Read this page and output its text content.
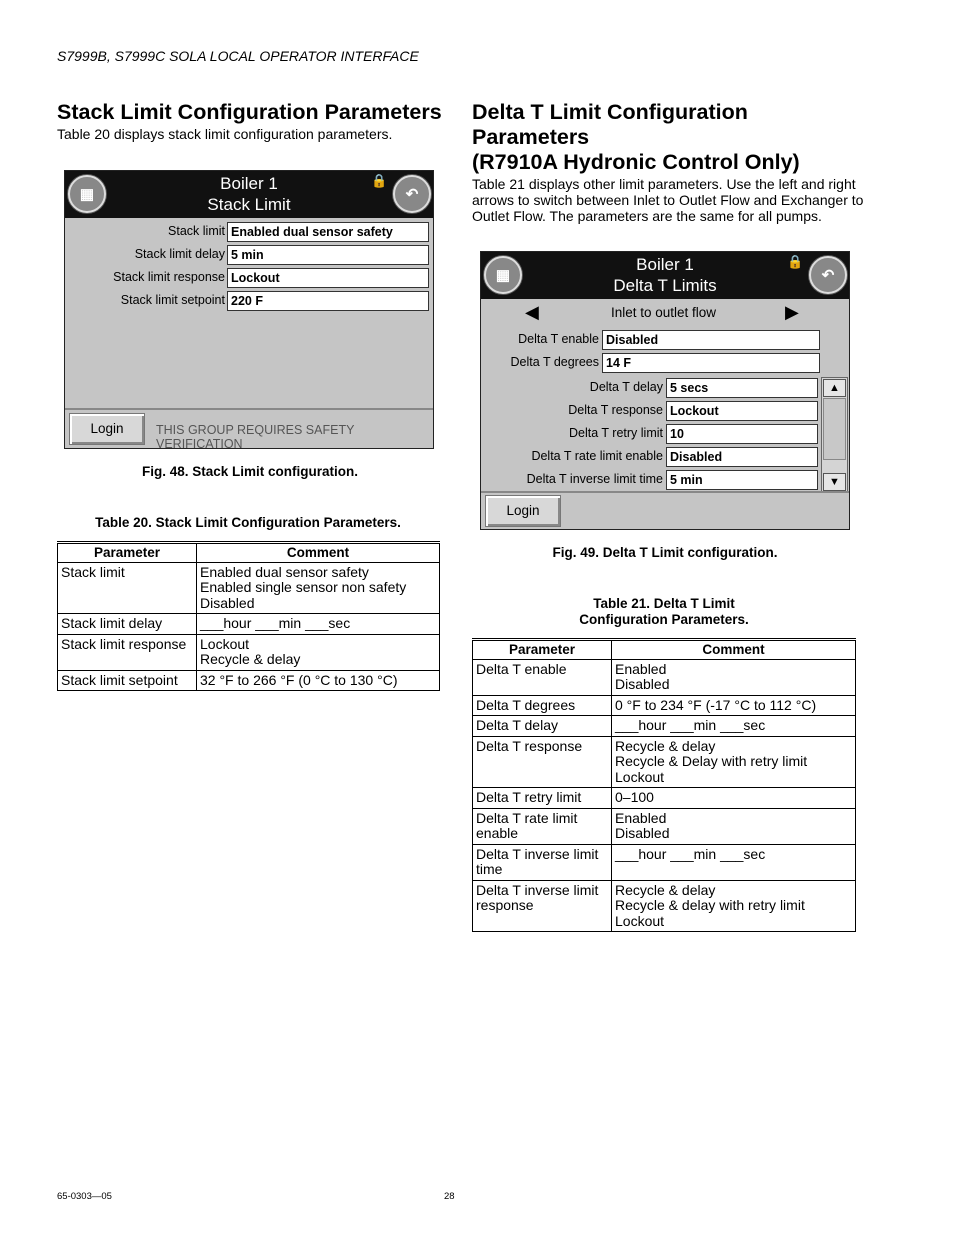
S7999B, S7999C SOLA LOCAL OPERATOR INTERFACE
Stack Limit Configuration Parameters
Table 20 displays stack limit configuration parameters.
Boiler 1
Stack Limit
▦
🔒
↶
Stack limit Enabled dual sensor safety
Stack limit delay 5 min
Stack limit response Lockout
Stack limit setpoint 220 F
Login	THIS GROUP REQUIRES SAFETY VERIFICATION
Fig. 48. Stack Limit configuration.
Table 20. Stack Limit Configuration Parameters.
Parameter	Comment
Stack limit	Enabled dual sensor safety
Enabled single sensor non safety
Disabled

Stack limit delay	___hour ___min ___sec

Stack limit response	Lockout
Recycle & delay

Stack limit setpoint	32 °F to 266 °F (0 °C to 130 °C)
Delta T Limit Configuration
Parameters
(R7910A Hydronic Control Only)
Table 21 displays other limit parameters. Use the left and right
arrows to switch between Inlet to Outlet Flow and Exchanger to
Outlet Flow. The parameters are the same for all pumps.
Boiler 1
Delta T Limits
▦
🔒
↶
◀	Inlet to outlet flow	▶
Delta T enable Disabled
Delta T degrees 14 F
Delta T delay 5 secs
Delta T response Lockout
Delta T retry limit 10
Delta T rate limit enable Disabled
Delta T inverse limit time 5 min
▲
▼
Login
Fig. 49. Delta T Limit configuration.
Table 21. Delta T Limit
Configuration Parameters.
Parameter	Comment
Delta T enable	Enabled
Disabled

Delta T degrees	0 °F to 234 °F (-17 °C to 112 °C)

Delta T delay	___hour ___min ___sec

Delta T response	Recycle & delay
Recycle & Delay with retry limit
Lockout

Delta T retry limit	0–100

Delta T rate limit enable	Enabled
Disabled

Delta T inverse limit time	___hour ___min ___sec

Delta T inverse limit response	Recycle & delay
Recycle & delay with retry limit
Lockout
65-0303—05	28
